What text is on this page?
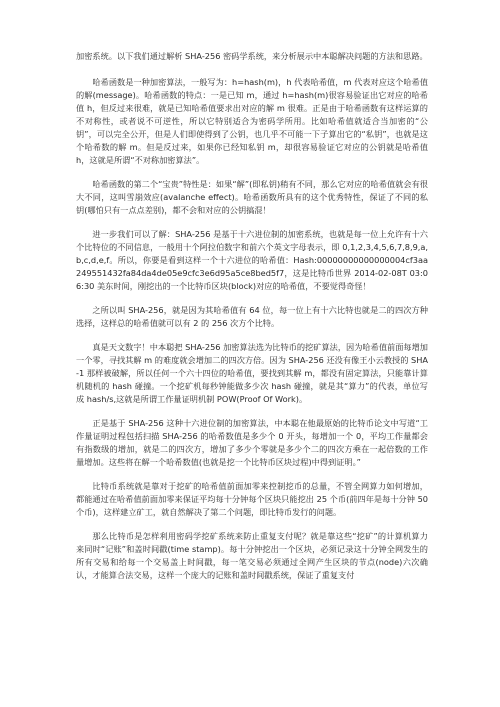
加密系统。以下我们通过解析 SHA-256 密码学系统，来分析展示中本聪解决问题的方法和思路。

哈希函数是一种加密算法，一般写为：h=hash(m)，h 代表哈希值，m 代表对应这个哈希值的解(message)。哈希函数的特点：一是已知 m，通过 h=hash(m)很容易验证出它对应的哈希值 h，但反过来很难，就是已知哈希值要求出对应的解 m 很难。正是由于哈希函数有这样运算的不对称性，或者说不可逆性，所以它特别适合为密码学所用。比如哈希值就适合当加密的“公钥”，可以完全公开，但是人们即使得到了公钥，也几乎不可能一下子算出它的“私钥”，也就是这个哈希数的解 m。但是反过来，如果你已经知私钥 m，却很容易验证它对应的公钥就是哈希值 h，这就是所谓“不对称加密算法”。

哈希函数的第二个“宝贵”特性是：如果“解”(即私钥)稍有不同，那么它对应的哈希值就会有很大不同，这叫雪崩效应(avalanche effect)。哈希函数所具有的这个优秀特性，保证了不同的私钥(哪怕只有一点点差别)，都不会和对应的公钥搞混！

进一步我们可以了解：SHA-256 是基于十六进位制的加密系统，也就是每一位上允许有十六个比特位的不同信息，一般用十个阿拉伯数字和前六个英文字母表示，即 0,1,2,3,4,5,6,7,8,9,a,b,c,d,e,f。所以，你要是看到这样一个十六进位的哈希值：Hash:00000000000000004cf3aa249551432fa84da4de05e9cfc3e6d95a5ce8bed5f7，这是比特币世界 2014-02-08T 03:06:30 美东时间，刚挖出的一个比特币区块(block)对应的哈希值，不要觉得奇怪！

之所以叫 SHA-256，就是因为其哈希值有 64 位，每一位上有十六比特也就是二的四次方种选择，这样总的哈希值就可以有 2 的 256 次方个比特。

真是天文数字！中本聪把 SHA-256 加密算法选为比特币的挖矿算法，因为哈希值前面每增加一个零，寻找其解 m 的难度就会增加二的四次方倍。因为 SHA-256 还没有像王小云教授的 SHA-1 那样被破解，所以任何一个六十四位的哈希值，要找到其解 m，都没有固定算法，只能靠计算机随机的 hash 碰撞。一个挖矿机每秒钟能做多少次 hash 碰撞，就是其“算力”的代表，单位写成 hash/s,这就是所谓工作量证明机制 POW(Proof Of Work)。

正是基于 SHA-256 这种十六进位制的加密算法，中本聪在他最原始的比特币论文中写道“工作量证明过程包括扫描 SHA-256 的哈希数值是多少个 0 开头，每增加一个 0，平均工作量都会有指数级的增加，就是二的四次方，增加了多少个零就是多少个二的四次方乘在一起倍数的工作量增加。这些将在解一个哈希数值(也就是挖一个比特币区块过程)中得到证明。”

比特币系统就是靠对于挖矿的哈希值前面加零来控制挖币的总量，不管全网算力如何增加，都能通过在哈希值前面加零来保证平均每十分钟每个区块只能挖出 25 个币(前四年是每十分钟 50 个币)，这样建立矿工，就自然解决了第二个问题，即比特币发行的问题。

那么比特币是怎样利用密码学挖矿系统来防止重复支付呢？就是靠这些“挖矿”的计算机算力来同时“记账”和盖时间戳(time stamp)。每十分钟挖出一个区块，必须记录这十分钟全网发生的所有交易和给每一个交易盖上时间戳，每一笔交易必须通过全网产生区块的节点(node)六次确认，才能算合法交易，这样一个庞大的记账和盖时间戳系统，保证了重复支付
